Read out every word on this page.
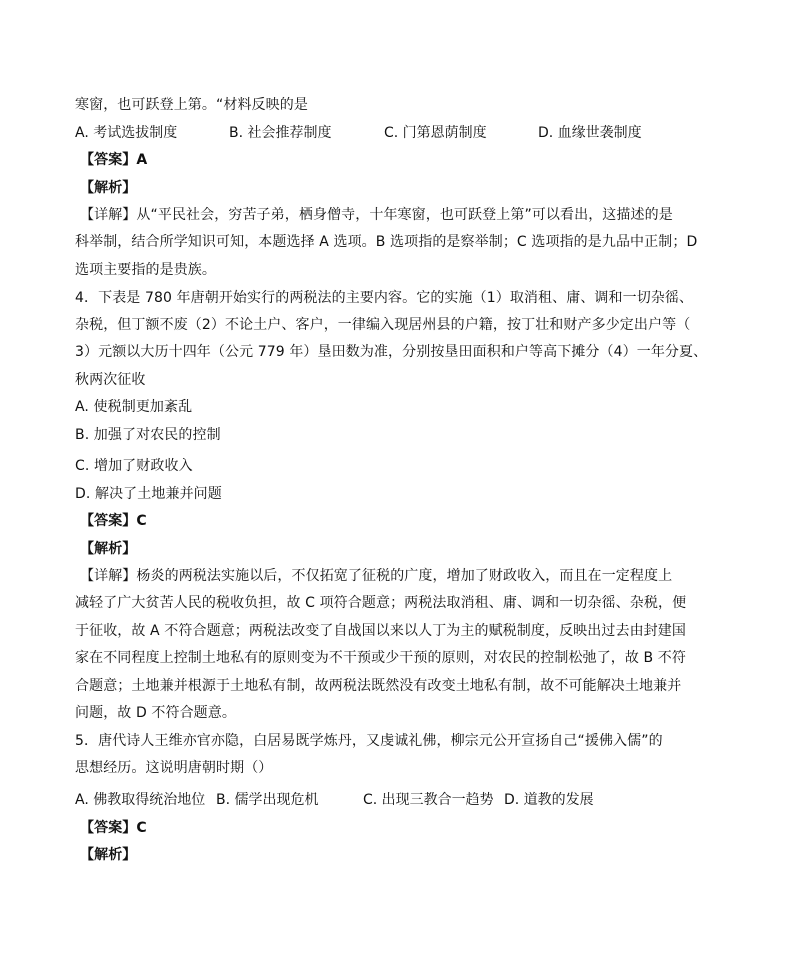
寒窗，也可跃登上第。“材料反映的是
A. 考试选拔制度	B. 社会推荐制度	C. 门第恩荫制度	D. 血缘世袭制度
【答案】A
【解析】
【详解】从“平民社会，穷苦子弟，栖身僧寺，十年寒窗，也可跃登上第”可以看出，这描述的是
科举制，结合所学知识可知，本题选择 A 选项。B 选项指的是察举制；C 选项指的是九品中正制；D
选项主要指的是贵族。
4．下表是 780 年唐朝开始实行的两税法的主要内容。它的实施（1）取消租、庸、调和一切杂徭、
杂税，但丁额不废（2）不论土户、客户，一律编入现居州县的户籍，按丁壮和财产多少定出户等（
3）元额以大历十四年（公元 779 年）垦田数为准，分别按垦田面积和户等高下摊分（4）一年分夏、
秋两次征收
A. 使税制更加紊乱
B. 加强了对农民的控制
C. 增加了财政收入
D. 解决了土地兼并问题
【答案】C
【解析】
【详解】杨炎的两税法实施以后，不仅拓宽了征税的广度，增加了财政收入，而且在一定程度上
减轻了广大贫苦人民的税收负担，故 C 项符合题意；两税法取消租、庸、调和一切杂徭、杂税，便
于征收，故 A 不符合题意；两税法改变了自战国以来以人丁为主的赋税制度，反映出过去由封建国
家在不同程度上控制土地私有的原则变为不干预或少干预的原则，对农民的控制松弛了，故 B 不符
合题意；土地兼并根源于土地私有制，故两税法既然没有改变土地私有制，故不可能解决土地兼并
问题，故 D 不符合题意。
5．唐代诗人王维亦官亦隐，白居易既学炼丹，又虔诚礼佛，柳宗元公开宣扬自己“援佛入儒”的
思想经历。这说明唐朝时期（）
A. 佛教取得统治地位 B. 儒学出现危机	C. 出现三教合一趋势 D. 道教的发展
【答案】C
【解析】
